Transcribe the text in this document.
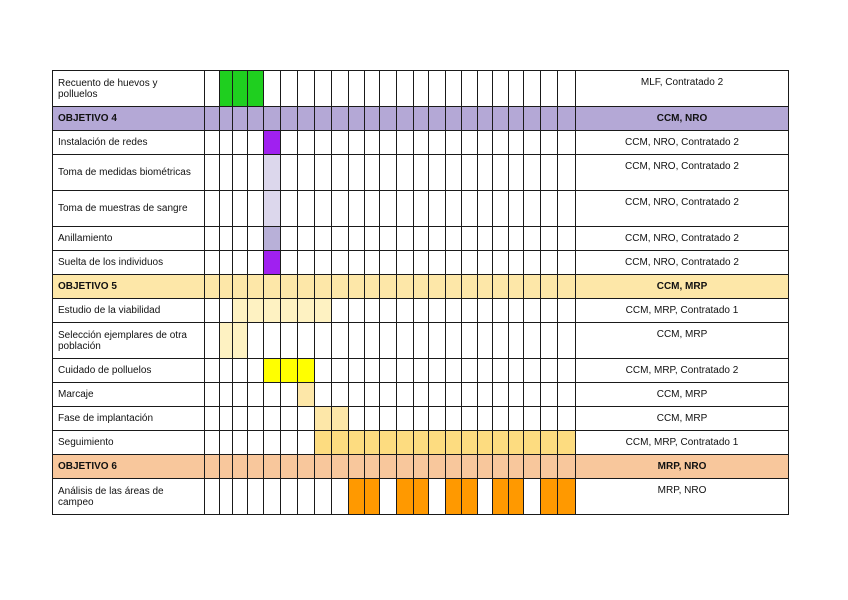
Recuento de huevos y polluelos																								MLF, Contratado 2
OBJETIVO 4																								CCM, NRO
Instalación de redes																								CCM, NRO, Contratado 2
Toma de medidas biométricas																								CCM, NRO, Contratado 2
Toma de muestras de sangre																								CCM, NRO, Contratado 2
Anillamiento																								CCM, NRO, Contratado 2
Suelta de los individuos																								CCM, NRO, Contratado 2
OBJETIVO 5																								CCM, MRP
Estudio de la viabilidad																								CCM, MRP, Contratado 1
Selección ejemplares de otra población																								CCM, MRP
Cuidado de polluelos																								CCM, MRP, Contratado 2
Marcaje																								CCM, MRP
Fase de implantación																								CCM, MRP
Seguimiento																								CCM, MRP, Contratado 1
OBJETIVO 6																								MRP, NRO
Análisis de las áreas de campeo																								MRP, NRO
